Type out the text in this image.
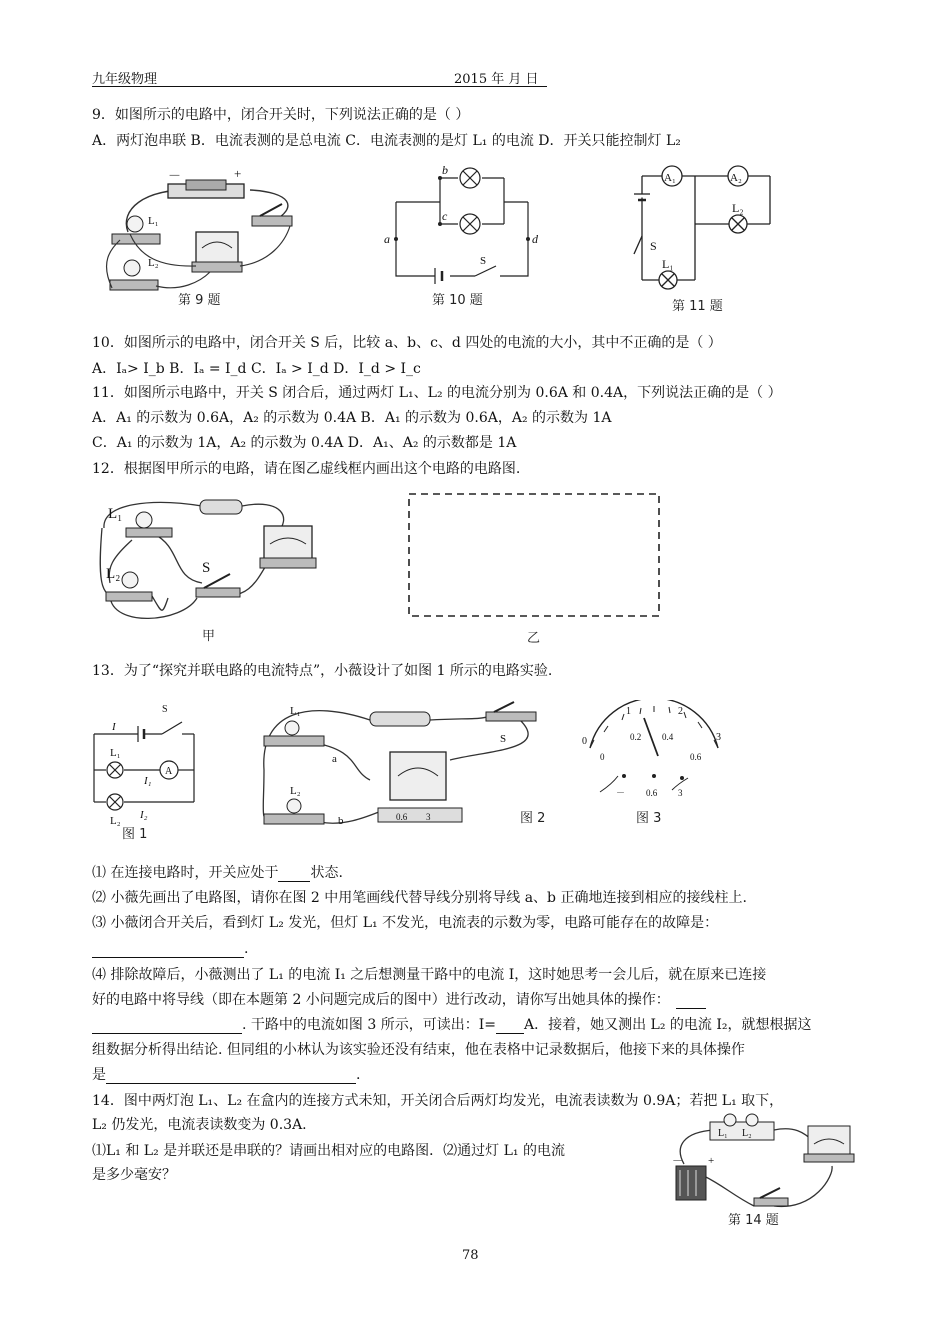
九年级物理	2015 年 月 日
9．如图所示的电路中，闭合开关时，下列说法正确的是（ ）
A．两灯泡串联 B．电流表测的是总电流 C．电流表测的是灯 L₁ 的电流 D．开关只能控制灯 L₂
－	+
L₁
L₂
第 9 题
b
c
a	d
S
第 10 题
A₁	A₂
L₂
L₁
S
第 11 题
10．如图所示的电路中，闭合开关 S 后，比较 a、b、c、d 四处的电流的大小，其中不正确的是（ ）
A．Iₐ> I_b B．Iₐ = I_d C．Iₐ > I_d D．I_d > I_c
11．如图所示电路中，开关 S 闭合后，通过两灯 L₁、L₂ 的电流分别为 0.6A 和 0.4A，下列说法正确的是（ ）
A．A₁ 的示数为 0.6A，A₂ 的示数为 0.4A B．A₁ 的示数为 0.6A，A₂ 的示数为 1A
C．A₁ 的示数为 1A，A₂ 的示数为 0.4A D．A₁、A₂ 的示数都是 1A
12．根据图甲所示的电路，请在图乙虚线框内画出这个电路的电路图.
L₁
L₂	S
甲	乙
13．为了“探究并联电路的电流特点”，小薇设计了如图 1 所示的电路实验.
A
I
S
L₁
I₁
I₂
L₂
图 1
L₁
a
L₂
b
S
0.6 3	图 2
0
1	2
3
0
0.2 0.4
0.6
－ 0.6 3
图 3
⑴ 在连接电路时，开关应处于 状态.
⑵ 小薇先画出了电路图，请你在图 2 中用笔画线代替导线分别将导线 a、b 正确地连接到相应的接线柱上.
⑶ 小薇闭合开关后，看到灯 L₂ 发光，但灯 L₁ 不发光，电流表的示数为零，电路可能存在的故障是：
.
⑷ 排除故障后，小薇测出了 L₁ 的电流 I₁ 之后想测量干路中的电流 I，这时她思考一会儿后，就在原来已连接
好的电路中将导线（即在本题第 2 小问题完成后的图中）进行改动，请你写出她具体的操作：
. 干路中的电流如图 3 所示，可读出：I= A．接着，她又测出 L₂ 的电流 I₂，就想根据这
组数据分析得出结论. 但同组的小林认为该实验还没有结束，他在表格中记录数据后，他接下来的具体操作
是	.
14．图中两灯泡 L₁、L₂ 在盒内的连接方式未知，开关闭合后两灯均发光，电流表读数为 0.9A；若把 L₁ 取下，
L₂ 仍发光，电流表读数变为 0.3A.
⑴L₁ 和 L₂ 是并联还是串联的？请画出相对应的电路图．⑵通过灯 L₁ 的电流
是多少毫安？
L₁ L₂
－ +
第 14 题
78
